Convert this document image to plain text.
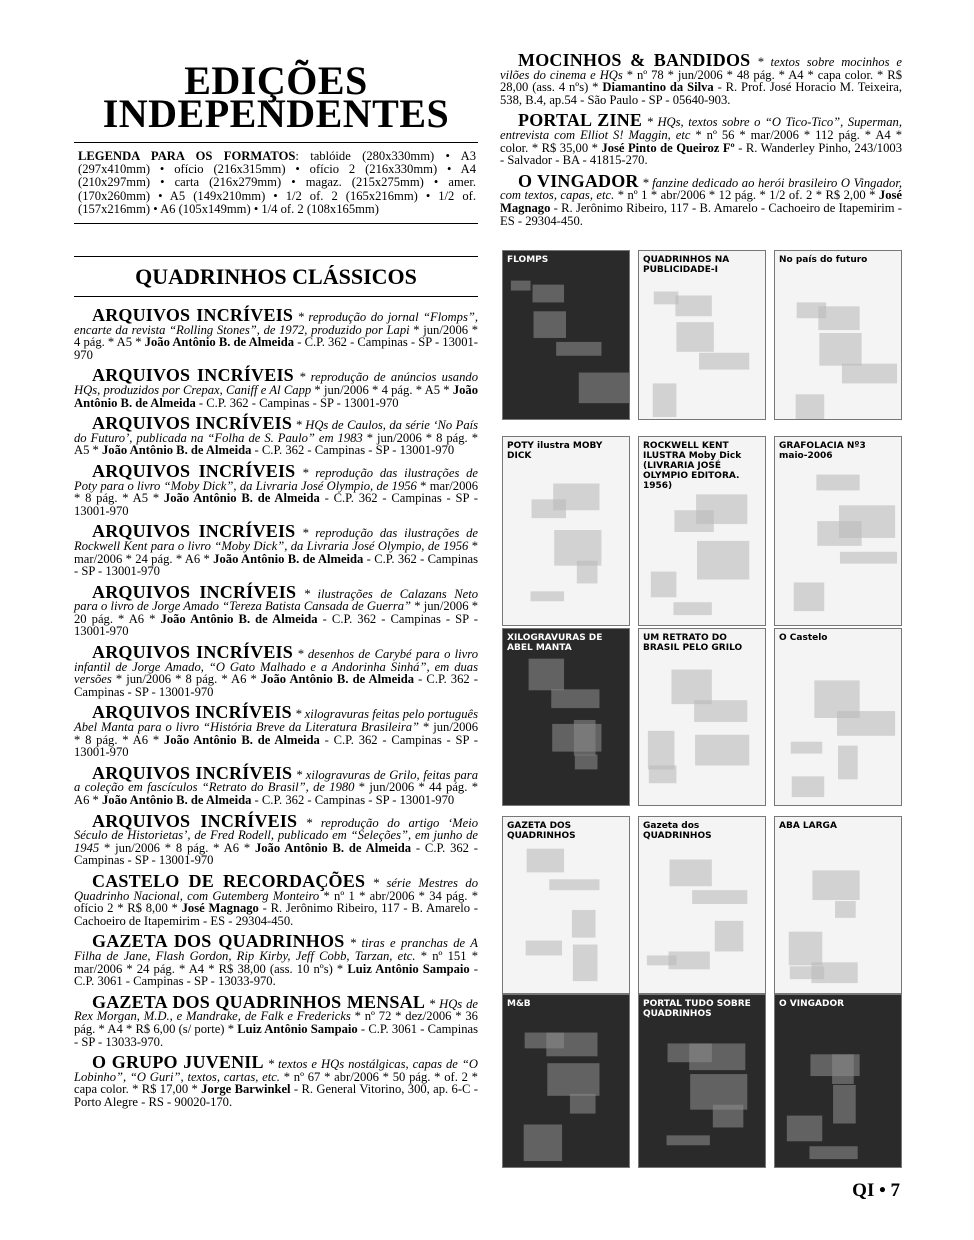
EDIÇÕES
INDEPENDENTES

LEGENDA PARA OS FORMATOS: tablóide (280x330mm) • A3 (297x410mm) • ofício (216x315mm) • ofício 2 (216x330mm) • A4 (210x297mm) • carta (216x279mm) • magaz. (215x275mm) • amer. (170x260mm) • A5 (149x210mm) • 1/2 of. 2 (165x216mm) • 1/2 of. (157x216mm) • A6 (105x149mm) • 1/4 of. 2 (108x165mm)

QUADRINHOS CLÁSSICOS

ARQUIVOS INCRÍVEIS * reprodução do jornal “Flomps”, encarte da revista “Rolling Stones”, de 1972, produzido por Lapi * jun/2006 * 4 pág. * A5 * João Antônio B. de Almeida - C.P. 362 - Campinas - SP - 13001-970

ARQUIVOS INCRÍVEIS * reprodução de anúncios usando HQs, produzidos por Crepax, Caniff e Al Capp * jun/2006 * 4 pág. * A5 * João Antônio B. de Almeida - C.P. 362 - Campinas - SP - 13001-970

ARQUIVOS INCRÍVEIS * HQs de Caulos, da série ‘No País do Futuro’, publicada na “Folha de S. Paulo” em 1983 * jun/2006 * 8 pág. * A5 * João Antônio B. de Almeida - C.P. 362 - Campinas - SP - 13001-970

ARQUIVOS INCRÍVEIS * reprodução das ilustrações de Poty para o livro “Moby Dick”, da Livraria José Olympio, de 1956 * mar/2006 * 8 pág. * A5 * João Antônio B. de Almeida - C.P. 362 - Campinas - SP - 13001-970

ARQUIVOS INCRÍVEIS * reprodução das ilustrações de Rockwell Kent para o livro “Moby Dick”, da Livraria José Olympio, de 1956 * mar/2006 * 24 pág. * A6 * João Antônio B. de Almeida - C.P. 362 - Campinas - SP - 13001-970

ARQUIVOS INCRÍVEIS * ilustrações de Calazans Neto para o livro de Jorge Amado “Tereza Batista Cansada de Guerra” * jun/2006 * 20 pág. * A6 * João Antônio B. de Almeida - C.P. 362 - Campinas - SP - 13001-970

ARQUIVOS INCRÍVEIS * desenhos de Carybé para o livro infantil de Jorge Amado, “O Gato Malhado e a Andorinha Sinhá”, em duas versões * jun/2006 * 8 pág. * A6 * João Antônio B. de Almeida - C.P. 362 - Campinas - SP - 13001-970

ARQUIVOS INCRÍVEIS * xilogravuras feitas pelo português Abel Manta para o livro “História Breve da Literatura Brasileira” * jun/2006 * 8 pág. * A6 * João Antônio B. de Almeida - C.P. 362 - Campinas - SP - 13001-970

ARQUIVOS INCRÍVEIS * xilogravuras de Grilo, feitas para a coleção em fascículos “Retrato do Brasil”, de 1980 * jun/2006 * 44 pág. * A6 * João Antônio B. de Almeida - C.P. 362 - Campinas - SP - 13001-970

ARQUIVOS INCRÍVEIS * reprodução do artigo ‘Meio Século de Historietas’, de Fred Rodell, publicado em “Seleções”, em junho de 1945 * jun/2006 * 8 pág. * A6 * João Antônio B. de Almeida - C.P. 362 - Campinas - SP - 13001-970

CASTELO DE RECORDAÇÕES * série Mestres do Quadrinho Nacional, com Gutemberg Monteiro * nº 1 * abr/2006 * 34 pág. * ofício 2 * R$ 8,00 * José Magnago - R. Jerônimo Ribeiro, 117 - B. Amarelo - Cachoeiro de Itapemirim - ES - 29304-450.

GAZETA DOS QUADRINHOS * tiras e pranchas de A Filha de Jane, Flash Gordon, Rip Kirby, Jeff Cobb, Tarzan, etc. * nº 151 * mar/2006 * 24 pág. * A4 * R$ 38,00 (ass. 10 nºs) * Luiz Antônio Sampaio - C.P. 3061 - Campinas - SP - 13033-970.

GAZETA DOS QUADRINHOS MENSAL * HQs de Rex Morgan, M.D., e Mandrake, de Falk e Fredericks * nº 72 * dez/2006 * 36 pág. * A4 * R$ 6,00 (s/ porte) * Luiz Antônio Sampaio - C.P. 3061 - Campinas - SP - 13033-970.

O GRUPO JUVENIL * textos e HQs nostálgicas, capas de “O Lobinho”, “O Guri”, textos, cartas, etc. * nº 67 * abr/2006 * 50 pág. * of. 2 * capa color. * R$ 17,00 * Jorge Barwinkel - R. General Vitorino, 300, ap. 6-C - Porto Alegre - RS - 90020-170.

MOCINHOS & BANDIDOS * textos sobre mocinhos e vilões do cinema e HQs * nº 78 * jun/2006 * 48 pág. * A4 * capa color. * R$ 28,00 (ass. 4 nºs) * Diamantino da Silva - R. Prof. José Horacio M. Teixeira, 538, B.4, ap.54 - São Paulo - SP - 05640-903.

PORTAL ZINE * HQs, textos sobre o “O Tico-Tico”, Superman, entrevista com Elliot S! Maggin, etc * nº 56 * mar/2006 * 112 pág. * A4 * color. * R$ 35,00 * José Pinto de Queiroz Fº - R. Wanderley Pinho, 243/1003 - Salvador - BA - 41815-270.

O VINGADOR * fanzine dedicado ao herói brasileiro O Vingador, com textos, capas, etc. * nº 1 * abr/2006 * 12 pág. * 1/2 of. 2 * R$ 2,00 * José Magnago - R. Jerônimo Ribeiro, 117 - B. Amarelo - Cachoeiro de Itapemirim - ES - 29304-450.

FLOMPS	QUADRINHOS NA PUBLICIDADE-I
No país do futuro
POTY ilustra MOBY DICK
ROCKWELL KENT ILUSTRA Moby Dick (LIVRARIA JOSÉ OLYMPIO EDITORA. 1956)
GRAFOLACIA Nº3 maio-2006
XILOGRAVURAS DE ABEL MANTA
UM RETRATO DO BRASIL PELO GRILO
O Castelo
GAZETA DOS QUADRINHOS
Gazeta dos QUADRINHOS
ABA LARGA
M&B	PORTAL TUDO SOBRE QUADRINHOS
O VINGADOR
QI • 7
